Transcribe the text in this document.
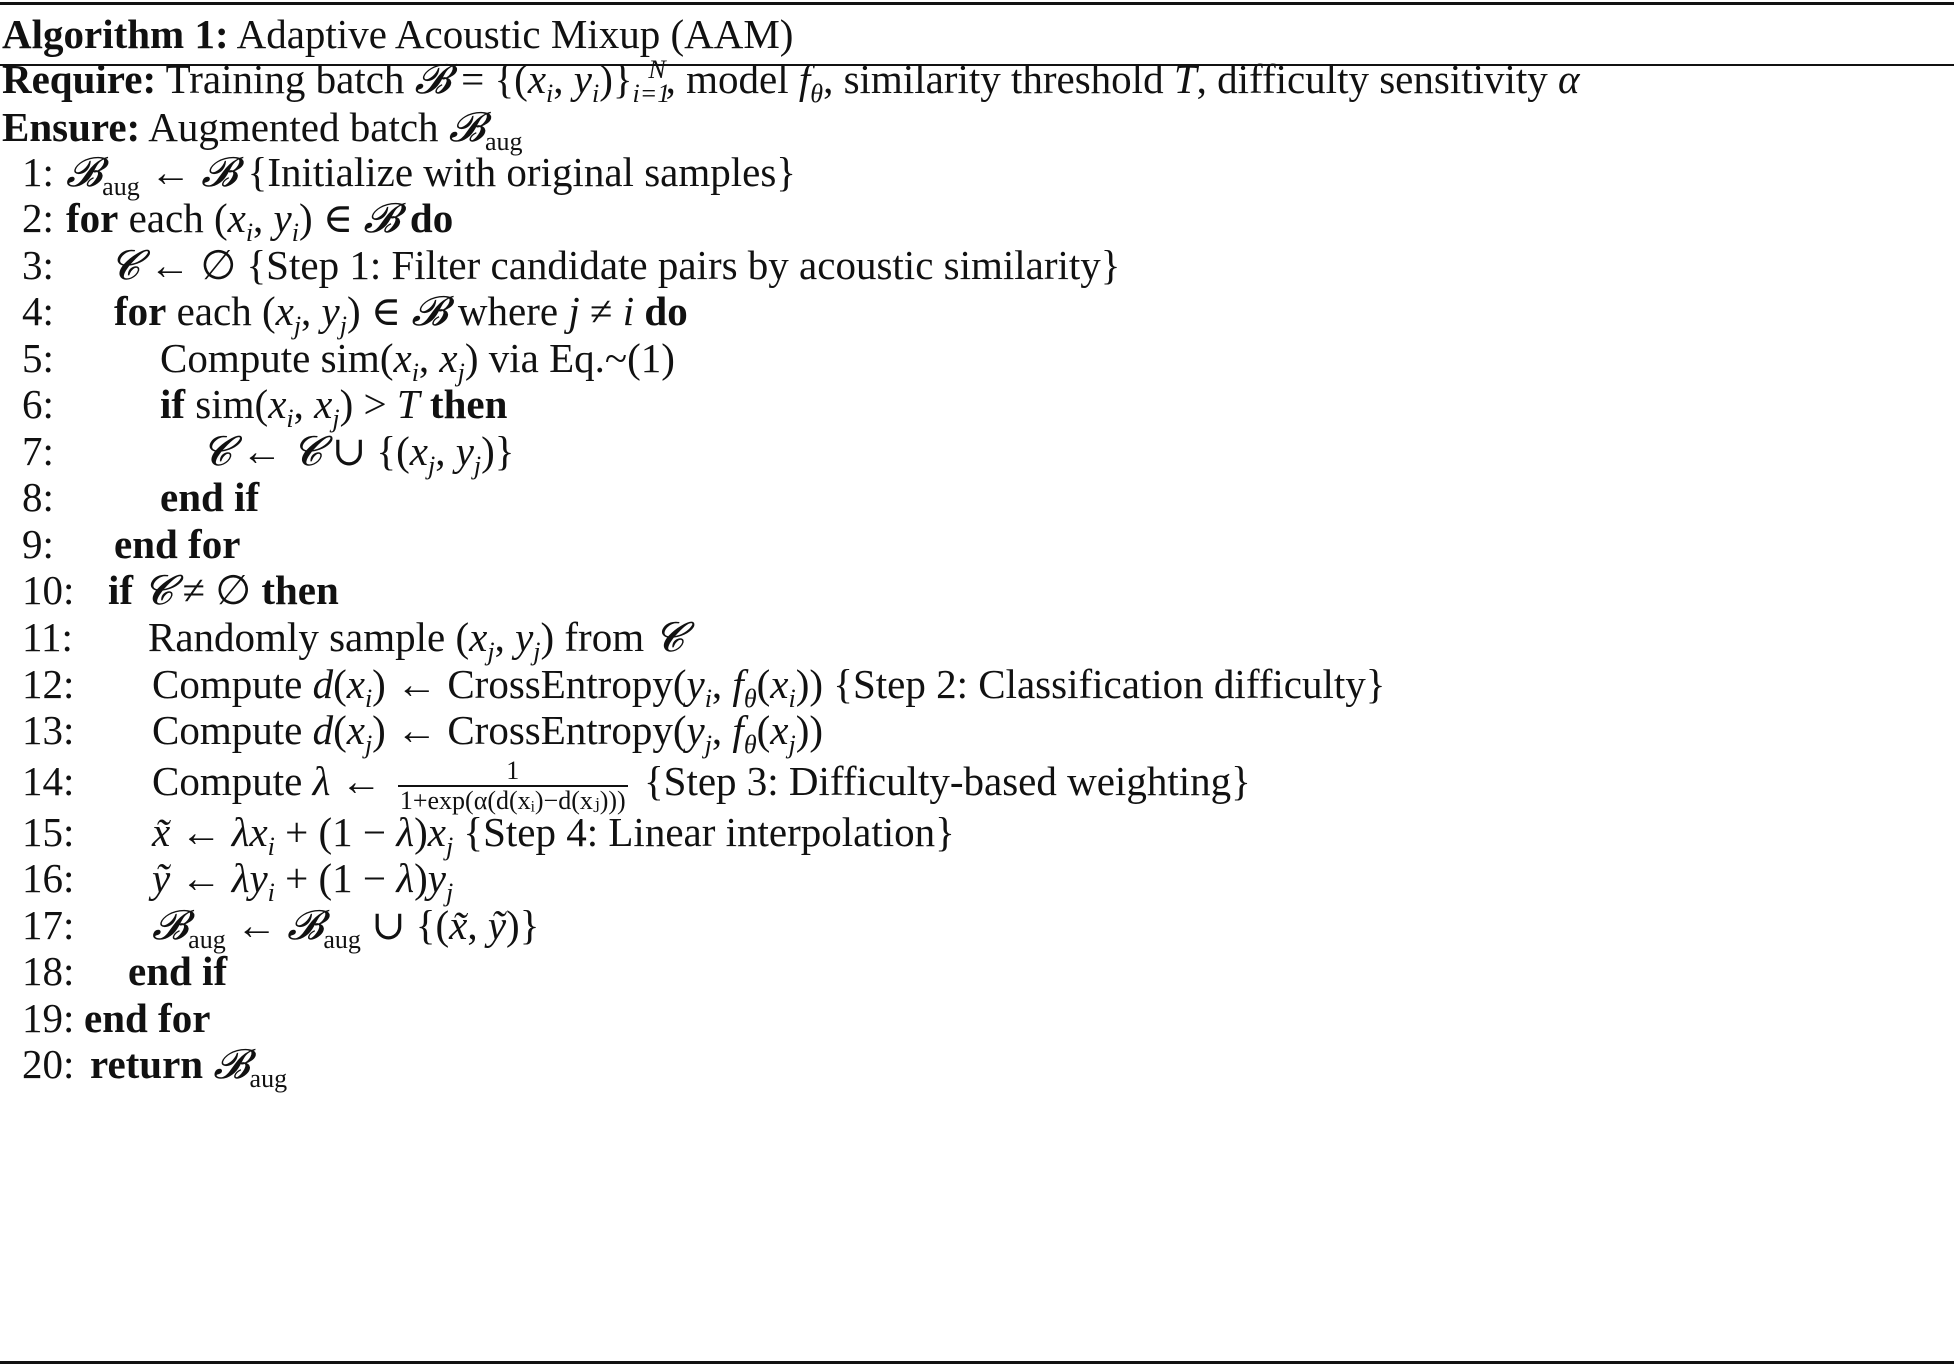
Algorithm 1: Adaptive Acoustic Mixup (AAM)
Require: Training batch 𝓑 = {($x_i$, $y_i)\}_{i=1}^N$, model $f_\theta$, similarity threshold T, difficulty sensitivity α
Ensure: Augmented batch 𝓑$_{aug}$
1: 𝓑$_{aug}$ ← 𝓑 {Initialize with original samples}
2: for each ($x_i$, $y_i$) ∈ 𝓑 do
3: 𝓒 ← ∅ {Step 1: Filter candidate pairs by acoustic similarity}
4: for each ($x_j$, $y_j$) ∈ 𝓑 where j ≠ i do
5:	Compute $sim(x_i$, $x_j$) via Eq.~(1)
6:	if $sim(x_i$, $x_j) > T$ then
7:	𝓒 ← 𝓒 ∪ {($x_j$, $y_j$)}
8:	end if
9: end for
10: if 𝓒 ≠ ∅ then
11: Randomly sample ($x_j$, $y_j$) from 𝓒
12: Compute $d(x_i)$ ← $CrossEntropy(y_i$, $f_\theta(x_i)$) {Step 2: Classification difficulty}
13: Compute $d(x_j)$ ← $CrossEntropy(y_j$, $f_\theta(x_j)$)
14: Compute λ ← $\frac{1}{\text{1+exp(α(d(xᵢ)−d(xⱼ)))}}$ {Step 3: Difficulty-based weighting}
15: x̃ ← $\lambda x_i + (1 - \lambda)x_j$ {Step 4: Linear interpolation}
16: ỹ ← $\lambda y_i + (1 - \lambda)y_j$
17: 𝓑$_{aug}$ ← 𝓑$_{aug}$ ∪ {(x̃, ỹ)}
18: end if
19: end for
20: return 𝓑$_{aug}$
